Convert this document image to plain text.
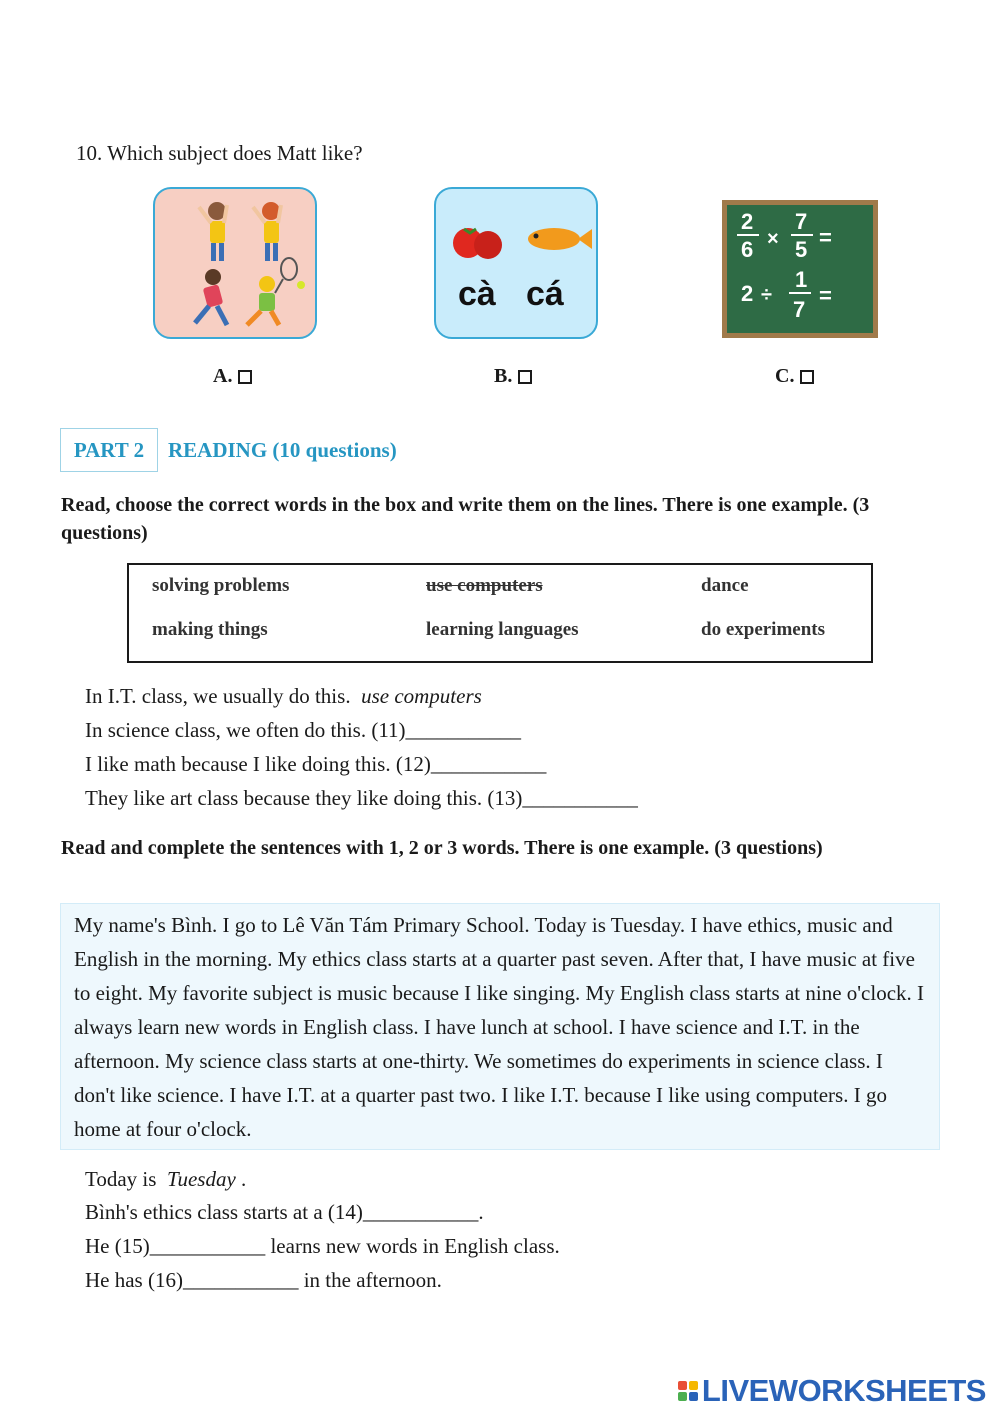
10. Which subject does Matt like?
cà cá
2
6 ×
7
5 =
2 ÷
1
7
=
A.	B.	C.
PART 2	READING (10 questions)
Read, choose the correct words in the box and write them on the lines. There is one example. (3 questions)
solving problems	use computers	dance
making things	learning languages	do experiments
In I.T. class, we usually do this. use computers
In science class, we often do this. (11)___________
I like math because I like doing this. (12)___________
They like art class because they like doing this. (13)___________
Read and complete the sentences with 1, 2 or 3 words. There is one example. (3 questions)
My name's Bình. I go to Lê Văn Tám Primary School. Today is Tuesday. I have ethics, music and English in the morning. My ethics class starts at a quarter past seven. After that, I have music at five to eight. My favorite subject is music because I like singing. My English class starts at nine o'clock. I always learn new words in English class. I have lunch at school. I have science and I.T. in the afternoon. My science class starts at one-thirty. We sometimes do experiments in science class. I don't like science. I have I.T. at a quarter past two. I like I.T. because I like using computers. I go home at four o'clock.
Today is Tuesday .
Bình's ethics class starts at a (14)___________.
He (15)___________ learns new words in English class.
He has (16)___________ in the afternoon.
LIVEWORKSHEETS
